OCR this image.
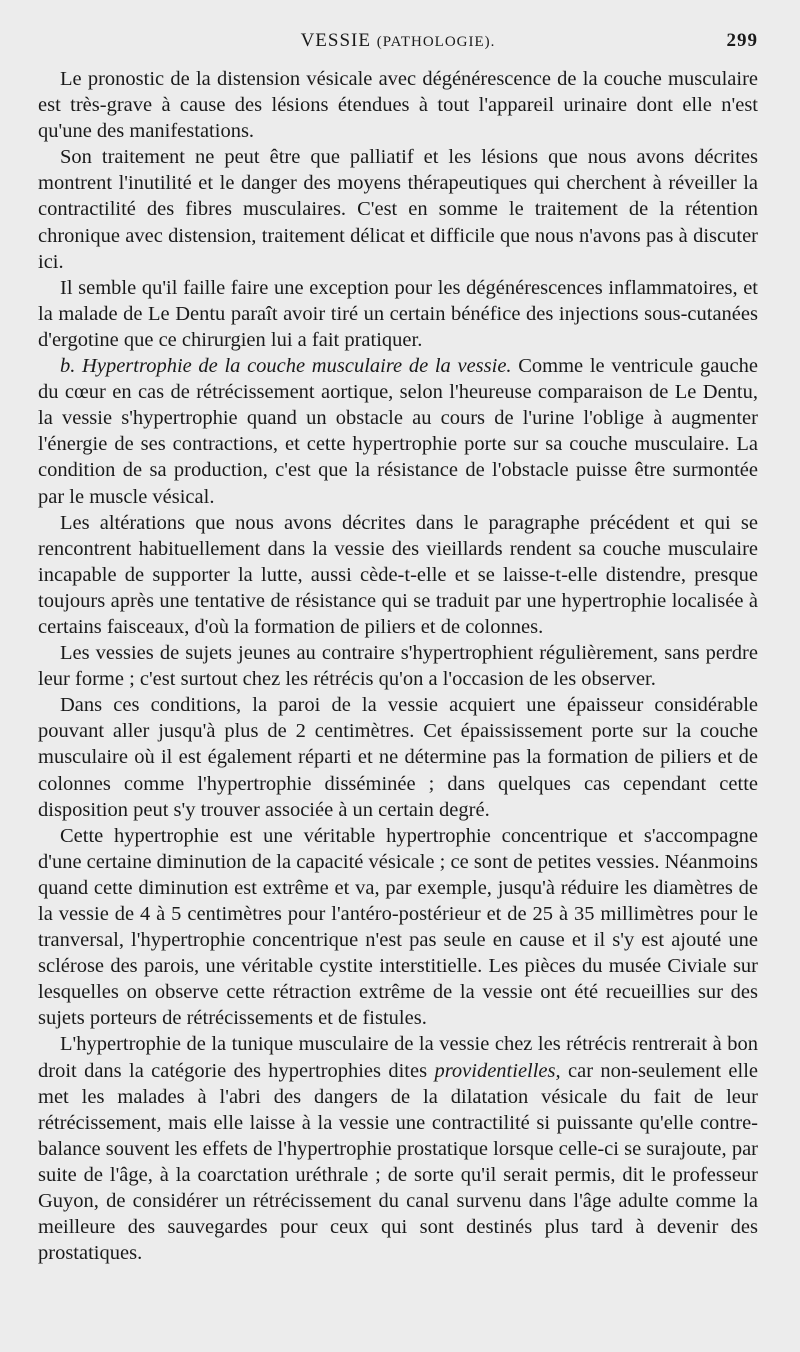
VESSIE (PATHOLOGIE).	299

Le pronostic de la distension vésicale avec dégénérescence de la couche musculaire est très-grave à cause des lésions étendues à tout l'appareil urinaire dont elle n'est qu'une des manifestations.

Son traitement ne peut être que palliatif et les lésions que nous avons décrites montrent l'inutilité et le danger des moyens thérapeutiques qui cherchent à réveiller la contractilité des fibres musculaires. C'est en somme le traitement de la rétention chronique avec distension, traitement délicat et difficile que nous n'avons pas à discuter ici.

Il semble qu'il faille faire une exception pour les dégénérescences inflammatoires, et la malade de Le Dentu paraît avoir tiré un certain bénéfice des injections sous-cutanées d'ergotine que ce chirurgien lui a fait pratiquer.

b. Hypertrophie de la couche musculaire de la vessie. Comme le ventricule gauche du cœur en cas de rétrécissement aortique, selon l'heureuse comparaison de Le Dentu, la vessie s'hypertrophie quand un obstacle au cours de l'urine l'oblige à augmenter l'énergie de ses contractions, et cette hypertrophie porte sur sa couche musculaire. La condition de sa production, c'est que la résistance de l'obstacle puisse être surmontée par le muscle vésical.

Les altérations que nous avons décrites dans le paragraphe précédent et qui se rencontrent habituellement dans la vessie des vieillards rendent sa couche musculaire incapable de supporter la lutte, aussi cède-t-elle et se laisse-t-elle distendre, presque toujours après une tentative de résistance qui se traduit par une hypertrophie localisée à certains faisceaux, d'où la formation de piliers et de colonnes.

Les vessies de sujets jeunes au contraire s'hypertrophient régulièrement, sans perdre leur forme ; c'est surtout chez les rétrécis qu'on a l'occasion de les observer.

Dans ces conditions, la paroi de la vessie acquiert une épaisseur considérable pouvant aller jusqu'à plus de 2 centimètres. Cet épaississement porte sur la couche musculaire où il est également réparti et ne détermine pas la formation de piliers et de colonnes comme l'hypertrophie disséminée ; dans quelques cas cependant cette disposition peut s'y trouver associée à un certain degré.

Cette hypertrophie est une véritable hypertrophie concentrique et s'accompagne d'une certaine diminution de la capacité vésicale ; ce sont de petites vessies. Néanmoins quand cette diminution est extrême et va, par exemple, jusqu'à réduire les diamètres de la vessie de 4 à 5 centimètres pour l'antéro-postérieur et de 25 à 35 millimètres pour le tranversal, l'hypertrophie concentrique n'est pas seule en cause et il s'y est ajouté une sclérose des parois, une véritable cystite interstitielle. Les pièces du musée Civiale sur lesquelles on observe cette rétraction extrême de la vessie ont été recueillies sur des sujets porteurs de rétrécissements et de fistules.

L'hypertrophie de la tunique musculaire de la vessie chez les rétrécis rentrerait à bon droit dans la catégorie des hypertrophies dites providentielles, car non-seulement elle met les malades à l'abri des dangers de la dilatation vésicale du fait de leur rétrécissement, mais elle laisse à la vessie une contractilité si puissante qu'elle contre-balance souvent les effets de l'hypertrophie prostatique lorsque celle-ci se surajoute, par suite de l'âge, à la coarctation uréthrale ; de sorte qu'il serait permis, dit le professeur Guyon, de considérer un rétrécissement du canal survenu dans l'âge adulte comme la meilleure des sauvegardes pour ceux qui sont destinés plus tard à devenir des prostatiques.
